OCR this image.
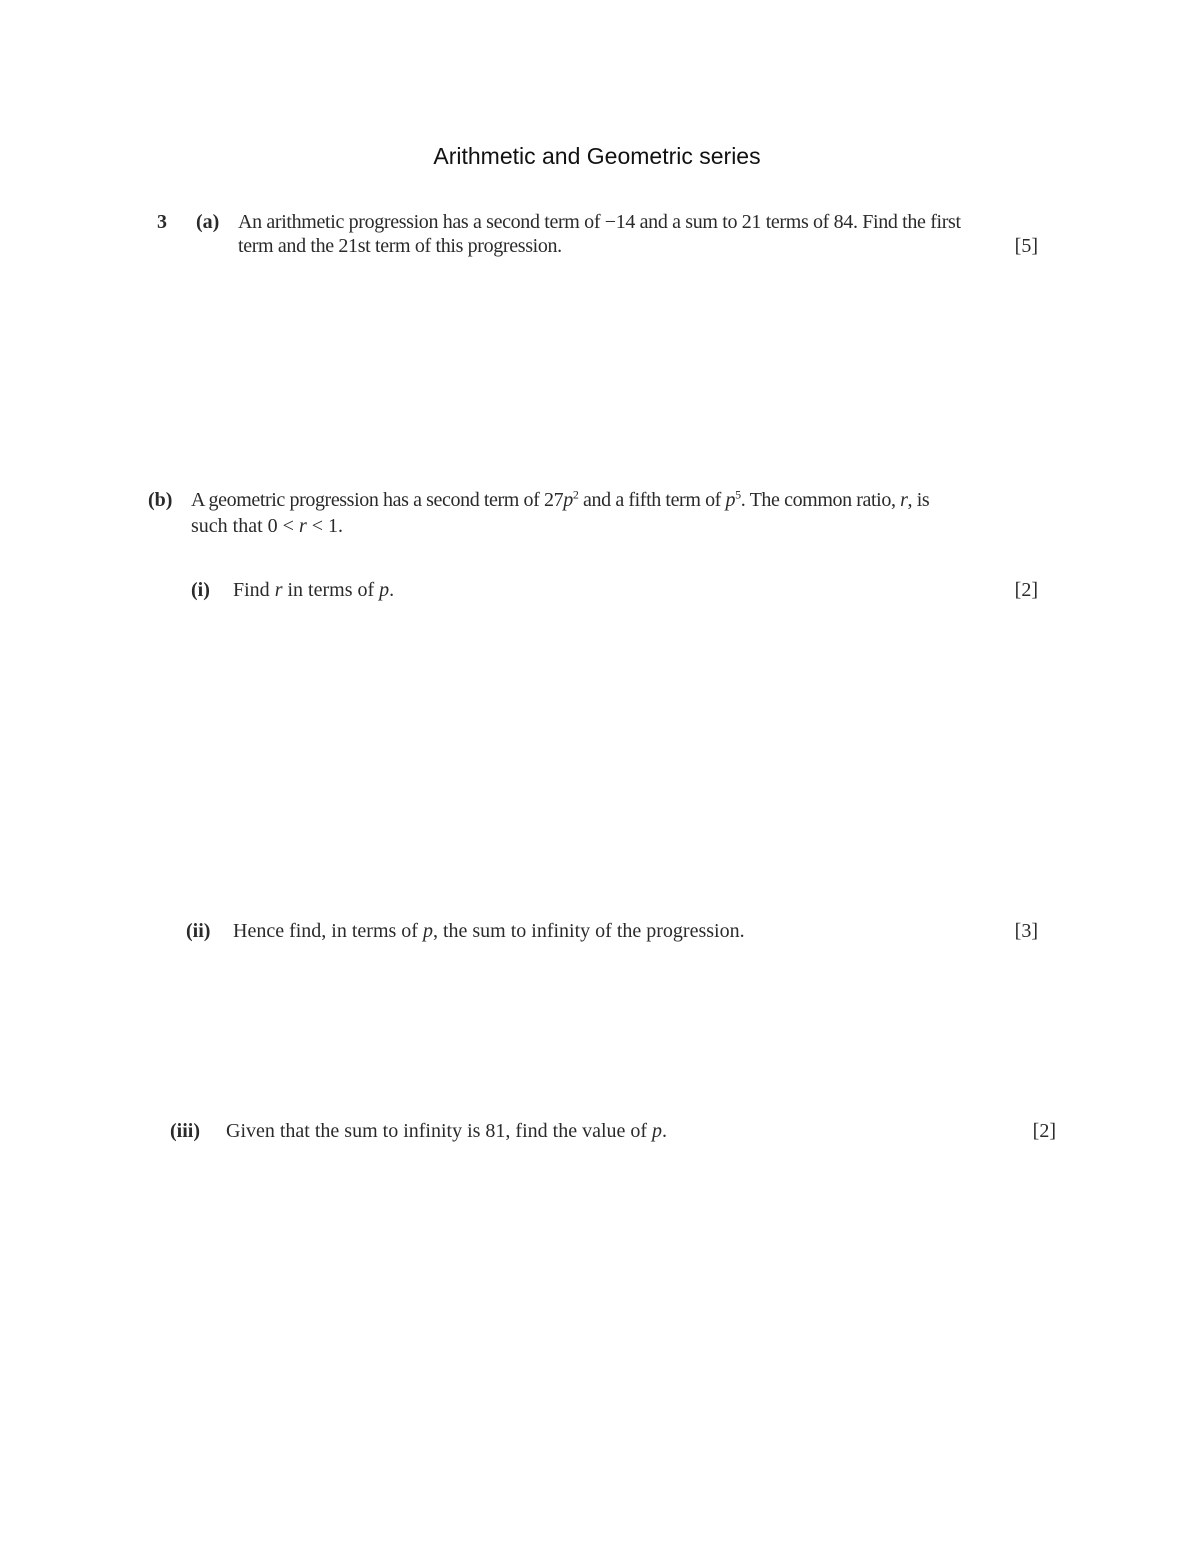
Arithmetic and Geometric series
3 (a) An arithmetic progression has a second term of −14 and a sum to 21 terms of 84. Find the first
term and the 21st term of this progression.	[5]
(b) A geometric progression has a second term of $27p^2$ and a fifth term of $p^5$. The common ratio, r, is
such that 0 < r < 1.
(i) Find r in terms of p.	[2]
(ii) Hence find, in terms of p, the sum to infinity of the progression.	[3]
(iii) Given that the sum to infinity is 81, find the value of p.	[2]
